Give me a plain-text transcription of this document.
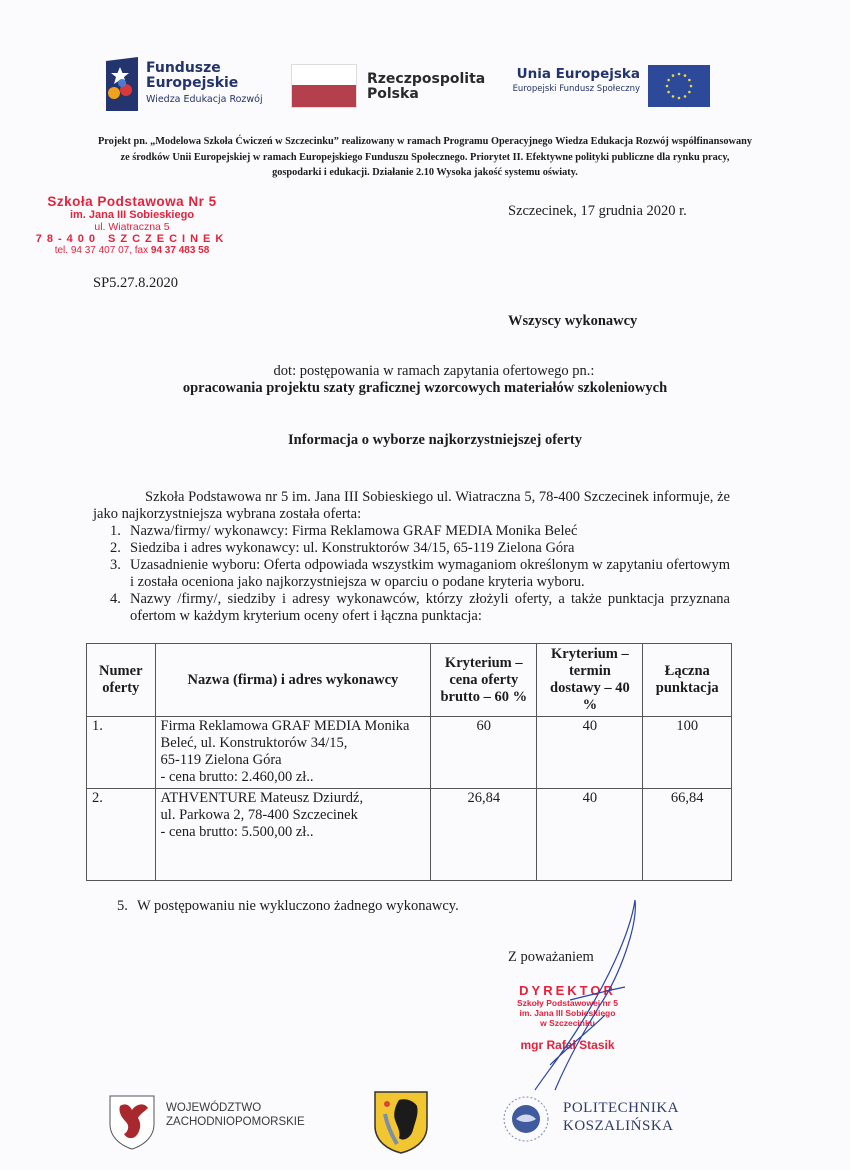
Fundusze
Europejskie
Wiedza Edukacja Rozwój
Rzeczpospolita
Polska
Unia Europejska
Europejski Fundusz Społeczny
Projekt pn. „Modelowa Szkoła Ćwiczeń w Szczecinku” realizowany w ramach Programu Operacyjnego Wiedza Edukacja Rozwój współfinansowany ze środków Unii Europejskiej w ramach Europejskiego Funduszu Społecznego. Priorytet II. Efektywne polityki publiczne dla rynku pracy, gospodarki i edukacji. Działanie 2.10 Wysoka jakość systemu oświaty.
Szkoła Podstawowa Nr 5
im. Jana III Sobieskiego
ul. Wiatraczna 5
78-400 SZCZECINEK
tel. 94 37 407 07, fax 94 37 483 58
SP5.27.8.2020
Szczecinek, 17 grudnia 2020 r.
Wszyscy wykonawcy
dot: postępowania w ramach zapytania ofertowego pn.:
opracowania projektu szaty graficznej wzorcowych materiałów szkoleniowych
Informacja o wyborze najkorzystniejszej oferty
Szkoła Podstawowa nr 5 im. Jana III Sobieskiego ul. Wiatraczna 5, 78-400 Szczecinek informuje, że jako najkorzystniejsza wybrana została oferta:
1. Nazwa/firmy/ wykonawcy: Firma Reklamowa GRAF MEDIA Monika Beleć
2. Siedziba i adres wykonawcy: ul. Konstruktorów 34/15, 65-119 Zielona Góra
3. Uzasadnienie wyboru: Oferta odpowiada wszystkim wymaganiom określonym w zapytaniu ofertowym i została oceniona jako najkorzystniejsza w oparciu o podane kryteria wyboru.
4. Nazwy /firmy/, siedziby i adresy wykonawców, którzy złożyli oferty, a także punktacja przyznana ofertom w każdym kryterium oceny ofert i łączna punktacja:
Numer oferty	Nazwa (firma) i adres wykonawcy	Kryterium – cena oferty brutto – 60 %	Kryterium – termin dostawy – 40 %	Łączna punktacja
1.	Firma Reklamowa GRAF MEDIA Monika
Beleć, ul. Konstruktorów 34/15,
65-119 Zielona Góra
- cena brutto: 2.460,00 zł..	60	40	100
2.	ATHVENTURE Mateusz Dziurdź,
ul. Parkowa 2, 78-400 Szczecinek
- cena brutto: 5.500,00 zł..	26,84	40	66,84
5. W postępowaniu nie wykluczono żadnego wykonawcy.
Z poważaniem
DYREKTOR
Szkoły Podstawowej nr 5
im. Jana III Sobieskiego
w Szczecinku
mgr Rafał Stasik
WOJEWÓDZTWO
ZACHODNIOPOMORSKIE
POLITECHNIKA
KOSZALIŃSKA
